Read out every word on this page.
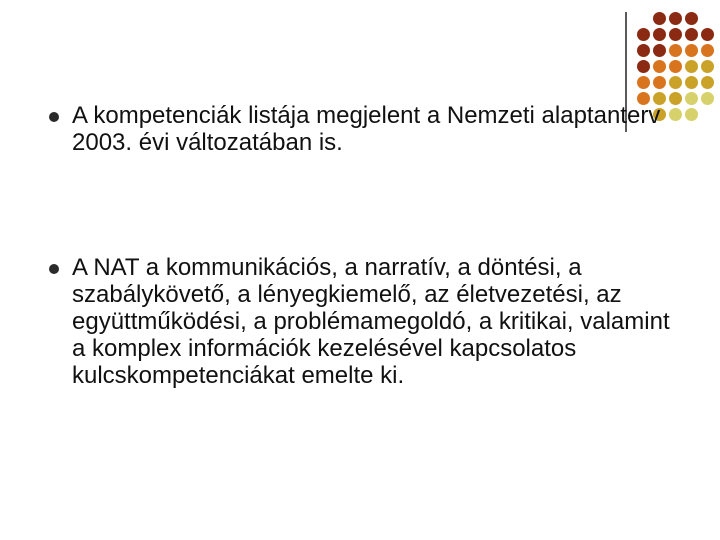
A kompetenciák listája megjelent a Nemzeti alaptanterv 2003. évi változatában is.
A NAT a kommunikációs, a narratív, a döntési, a szabálykövető, a lényegkiemelő, az életvezetési, az együttműködési, a problémamegoldó, a kritikai, valamint a komplex információk kezelésével kapcsolatos kulcskompetenciákat emelte ki.
